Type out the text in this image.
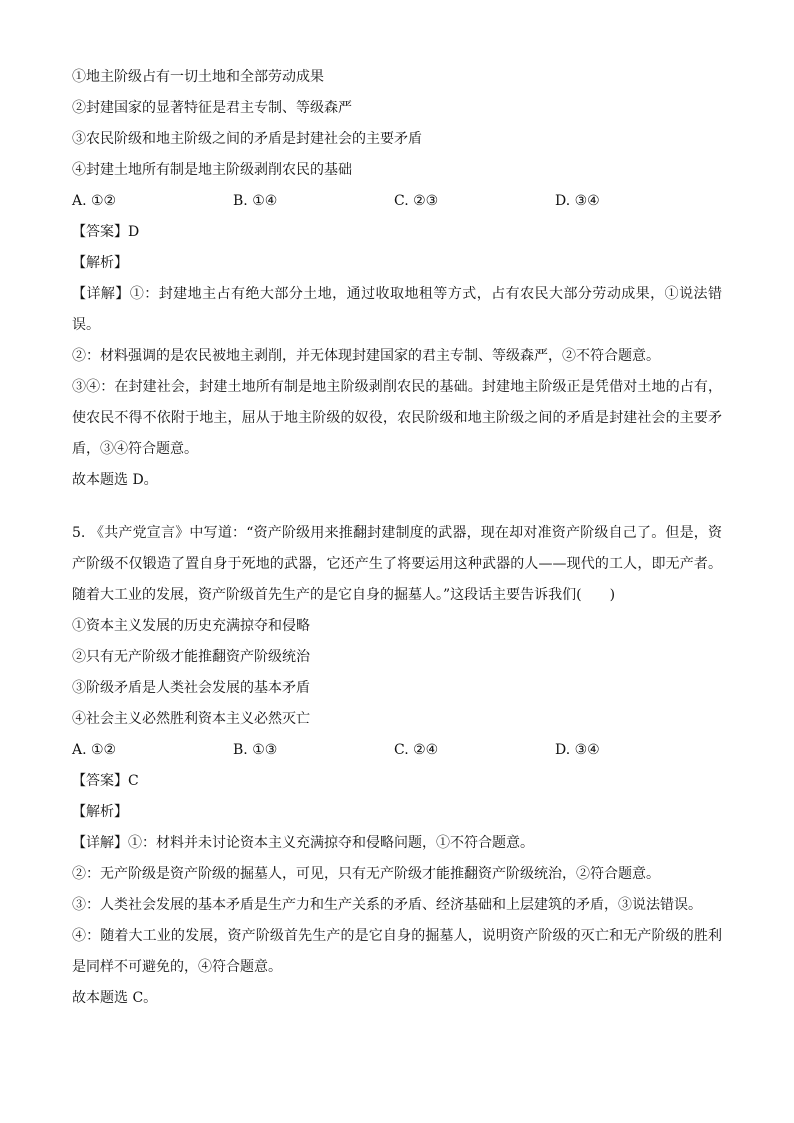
①地主阶级占有一切土地和全部劳动成果
②封建国家的显著特征是君主专制、等级森严
③农民阶级和地主阶级之间的矛盾是封建社会的主要矛盾
④封建土地所有制是地主阶级剥削农民的基础
A. ①②	B. ①④	C. ②③	D. ③④
【答案】D
【解析】
【详解】①：封建地主占有绝大部分土地，通过收取地租等方式，占有农民大部分劳动成果，①说法错误。
②：材料强调的是农民被地主剥削，并无体现封建国家的君主专制、等级森严，②不符合题意。
③④：在封建社会，封建土地所有制是地主阶级剥削农民的基础。封建地主阶级正是凭借对土地的占有，使农民不得不依附于地主，屈从于地主阶级的奴役，农民阶级和地主阶级之间的矛盾是封建社会的主要矛盾，③④符合题意。
故本题选 D。
5. 《共产党宣言》中写道：“资产阶级用来推翻封建制度的武器，现在却对准资产阶级自己了。但是，资产阶级不仅锻造了置自身于死地的武器，它还产生了将要运用这种武器的人——现代的工人，即无产者。随着大工业的发展，资产阶级首先生产的是它自身的掘墓人。”这段话主要告诉我们(　　)
①资本主义发展的历史充满掠夺和侵略
②只有无产阶级才能推翻资产阶级统治
③阶级矛盾是人类社会发展的基本矛盾
④社会主义必然胜利资本主义必然灭亡
A. ①②	B. ①③	C. ②④	D. ③④
【答案】C
【解析】
【详解】①：材料并未讨论资本主义充满掠夺和侵略问题，①不符合题意。
②：无产阶级是资产阶级的掘墓人，可见，只有无产阶级才能推翻资产阶级统治，②符合题意。
③：人类社会发展的基本矛盾是生产力和生产关系的矛盾、经济基础和上层建筑的矛盾，③说法错误。
④：随着大工业的发展，资产阶级首先生产的是它自身的掘墓人，说明资产阶级的灭亡和无产阶级的胜利是同样不可避免的，④符合题意。
故本题选 C。
